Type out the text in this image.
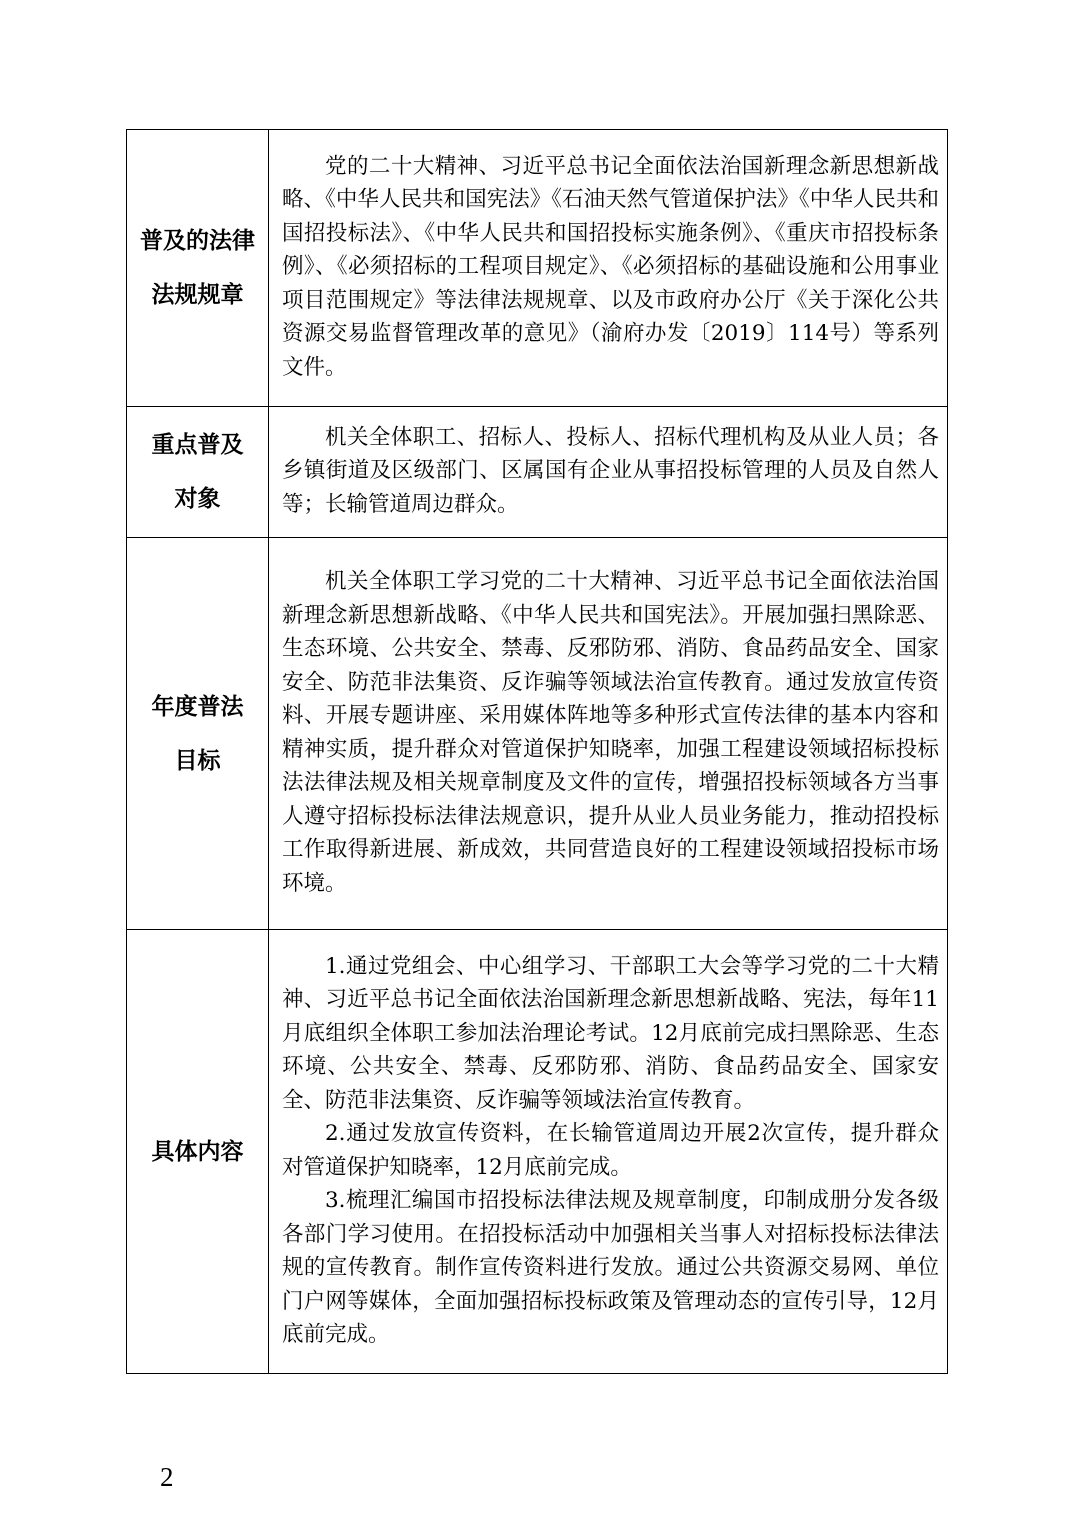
普及的法律
法规规章	党的二十大精神、习近平总书记全面依法治国新理念新思想新战略、《中华人民共和国宪法》《石油天然气管道保护法》《中华人民共和国招投标法》、《中华人民共和国招投标实施条例》、《重庆市招投标条例》、《必须招标的工程项目规定》、《必须招标的基础设施和公用事业项目范围规定》等法律法规规章、以及市政府办公厅《关于深化公共资源交易监督管理改革的意见》（渝府办发〔2019〕114号）等系列文件。

重点普及
对象	机关全体职工、招标人、投标人、招标代理机构及从业人员；各乡镇街道及区级部门、区属国有企业从事招投标管理的人员及自然人等；长输管道周边群众。

年度普法
目标	机关全体职工学习党的二十大精神、习近平总书记全面依法治国新理念新思想新战略、《中华人民共和国宪法》。开展加强扫黑除恶、生态环境、公共安全、禁毒、反邪防邪、消防、食品药品安全、国家安全、防范非法集资、反诈骗等领域法治宣传教育。通过发放宣传资料、开展专题讲座、采用媒体阵地等多种形式宣传法律的基本内容和精神实质，提升群众对管道保护知晓率，加强工程建设领域招标投标法法律法规及相关规章制度及文件的宣传，增强招投标领域各方当事人遵守招标投标法律法规意识，提升从业人员业务能力，推动招投标工作取得新进展、新成效，共同营造良好的工程建设领域招投标市场环境。

具体内容	1.通过党组会、中心组学习、干部职工大会等学习党的二十大精神、习近平总书记全面依法治国新理念新思想新战略、宪法，每年11月底组织全体职工参加法治理论考试。12月底前完成扫黑除恶、生态环境、公共安全、禁毒、反邪防邪、消防、食品药品安全、国家安全、防范非法集资、反诈骗等领域法治宣传教育。

2.通过发放宣传资料，在长输管道周边开展2次宣传，提升群众对管道保护知晓率，12月底前完成。

3.梳理汇编国市招投标法律法规及规章制度，印制成册分发各级各部门学习使用。在招投标活动中加强相关当事人对招标投标法律法规的宣传教育。制作宣传资料进行发放。通过公共资源交易网、单位门户网等媒体，全面加强招标投标政策及管理动态的宣传引导，12月底前完成。

2
